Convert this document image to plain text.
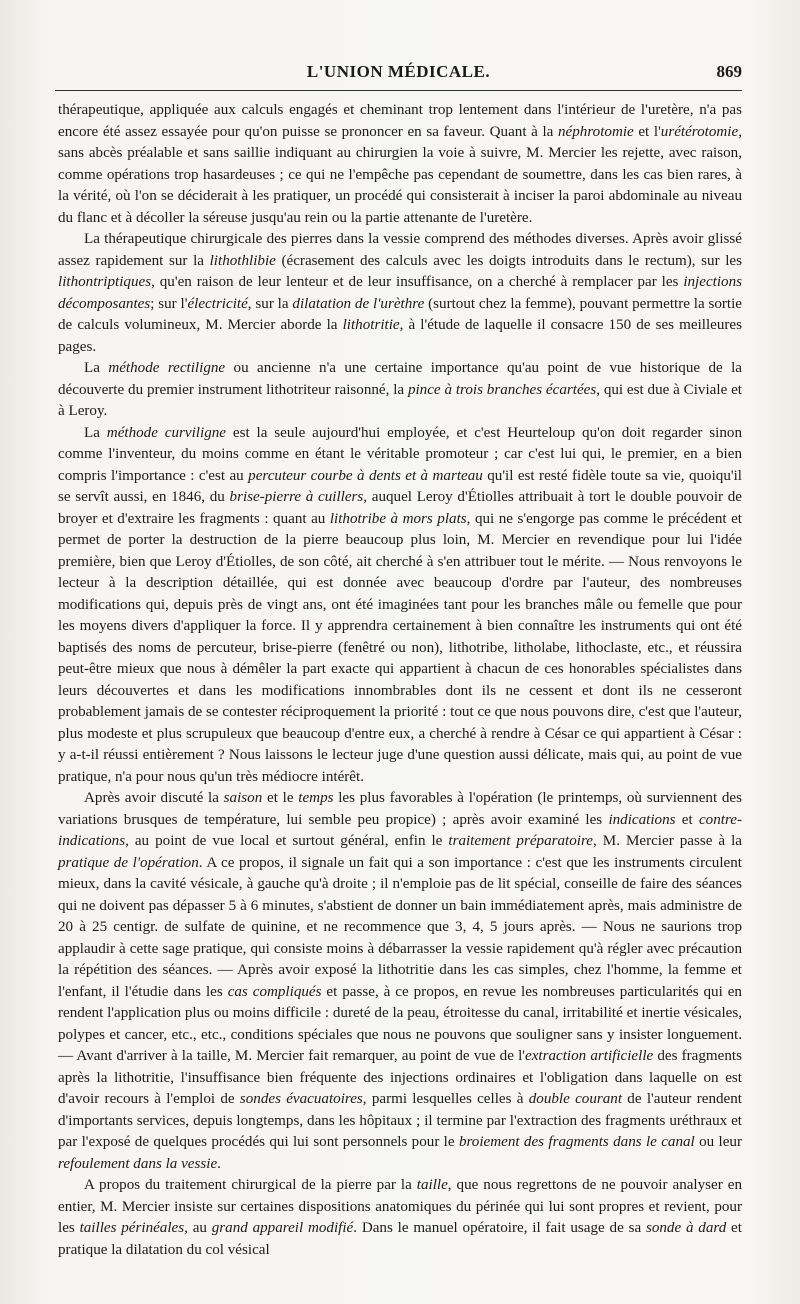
L'UNION MÉDICALE.	869

thérapeutique, appliquée aux calculs engagés et cheminant trop lentement dans l'intérieur de l'uretère, n'a pas encore été assez essayée pour qu'on puisse se prononcer en sa faveur. Quant à la néphrotomie et l'urétérotomie, sans abcès préalable et sans saillie indiquant au chirurgien la voie à suivre, M. Mercier les rejette, avec raison, comme opérations trop hasardeuses ; ce qui ne l'empêche pas cependant de soumettre, dans les cas bien rares, à la vérité, où l'on se déciderait à les pratiquer, un procédé qui consisterait à inciser la paroi abdominale au niveau du flanc et à décoller la séreuse jusqu'au rein ou la partie attenante de l'uretère.

La thérapeutique chirurgicale des pierres dans la vessie comprend des méthodes diverses. Après avoir glissé assez rapidement sur la lithothlibie (écrasement des calculs avec les doigts introduits dans le rectum), sur les lithontriptiques, qu'en raison de leur lenteur et de leur insuffisance, on a cherché à remplacer par les injections décomposantes; sur l'électricité, sur la dilatation de l'urèthre (surtout chez la femme), pouvant permettre la sortie de calculs volumineux, M. Mercier aborde la lithotritie, à l'étude de laquelle il consacre 150 de ses meilleures pages.

La méthode rectiligne ou ancienne n'a une certaine importance qu'au point de vue historique de la découverte du premier instrument lithotriteur raisonné, la pince à trois branches écartées, qui est due à Civiale et à Leroy.

La méthode curviligne est la seule aujourd'hui employée, et c'est Heurteloup qu'on doit regarder sinon comme l'inventeur, du moins comme en étant le véritable promoteur ; car c'est lui qui, le premier, en a bien compris l'importance : c'est au percuteur courbe à dents et à marteau qu'il est resté fidèle toute sa vie, quoiqu'il se servît aussi, en 1846, du brise-pierre à cuillers, auquel Leroy d'Étiolles attribuait à tort le double pouvoir de broyer et d'extraire les fragments : quant au lithotribe à mors plats, qui ne s'engorge pas comme le précédent et permet de porter la destruction de la pierre beaucoup plus loin, M. Mercier en revendique pour lui l'idée première, bien que Leroy d'Étiolles, de son côté, ait cherché à s'en attribuer tout le mérite. — Nous renvoyons le lecteur à la description détaillée, qui est donnée avec beaucoup d'ordre par l'auteur, des nombreuses modifications qui, depuis près de vingt ans, ont été imaginées tant pour les branches mâle ou femelle que pour les moyens divers d'appliquer la force. Il y apprendra certainement à bien connaître les instruments qui ont été baptisés des noms de percuteur, brise-pierre (fenêtré ou non), lithotribe, litholabe, lithoclaste, etc., et réussira peut-être mieux que nous à démêler la part exacte qui appartient à chacun de ces honorables spécialistes dans leurs découvertes et dans les modifications innombrables dont ils ne cessent et dont ils ne cesseront probablement jamais de se contester réciproquement la priorité : tout ce que nous pouvons dire, c'est que l'auteur, plus modeste et plus scrupuleux que beaucoup d'entre eux, a cherché à rendre à César ce qui appartient à César : y a-t-il réussi entièrement ? Nous laissons le lecteur juge d'une question aussi délicate, mais qui, au point de vue pratique, n'a pour nous qu'un très médiocre intérêt.

Après avoir discuté la saison et le temps les plus favorables à l'opération (le printemps, où surviennent des variations brusques de température, lui semble peu propice) ; après avoir examiné les indications et contre-indications, au point de vue local et surtout général, enfin le traitement préparatoire, M. Mercier passe à la pratique de l'opération. A ce propos, il signale un fait qui a son importance : c'est que les instruments circulent mieux, dans la cavité vésicale, à gauche qu'à droite ; il n'emploie pas de lit spécial, conseille de faire des séances qui ne doivent pas dépasser 5 à 6 minutes, s'abstient de donner un bain immédiatement après, mais administre de 20 à 25 centigr. de sulfate de quinine, et ne recommence que 3, 4, 5 jours après. — Nous ne saurions trop applaudir à cette sage pratique, qui consiste moins à débarrasser la vessie rapidement qu'à régler avec précaution la répétition des séances. — Après avoir exposé la lithotritie dans les cas simples, chez l'homme, la femme et l'enfant, il l'étudie dans les cas compliqués et passe, à ce propos, en revue les nombreuses particularités qui en rendent l'application plus ou moins difficile : dureté de la peau, étroitesse du canal, irritabilité et inertie vésicales, polypes et cancer, etc., etc., conditions spéciales que nous ne pouvons que souligner sans y insister longuement. — Avant d'arriver à la taille, M. Mercier fait remarquer, au point de vue de l'extraction artificielle des fragments après la lithotritie, l'insuffisance bien fréquente des injections ordinaires et l'obligation dans laquelle on est d'avoir recours à l'emploi de sondes évacuatoires, parmi lesquelles celles à double courant de l'auteur rendent d'importants services, depuis longtemps, dans les hôpitaux ; il termine par l'extraction des fragments uréthraux et par l'exposé de quelques procédés qui lui sont personnels pour le broiement des fragments dans le canal ou leur refoulement dans la vessie.

A propos du traitement chirurgical de la pierre par la taille, que nous regrettons de ne pouvoir analyser en entier, M. Mercier insiste sur certaines dispositions anatomiques du périnée qui lui sont propres et revient, pour les tailles périnéales, au grand appareil modifié. Dans le manuel opératoire, il fait usage de sa sonde à dard et pratique la dilatation du col vésical
